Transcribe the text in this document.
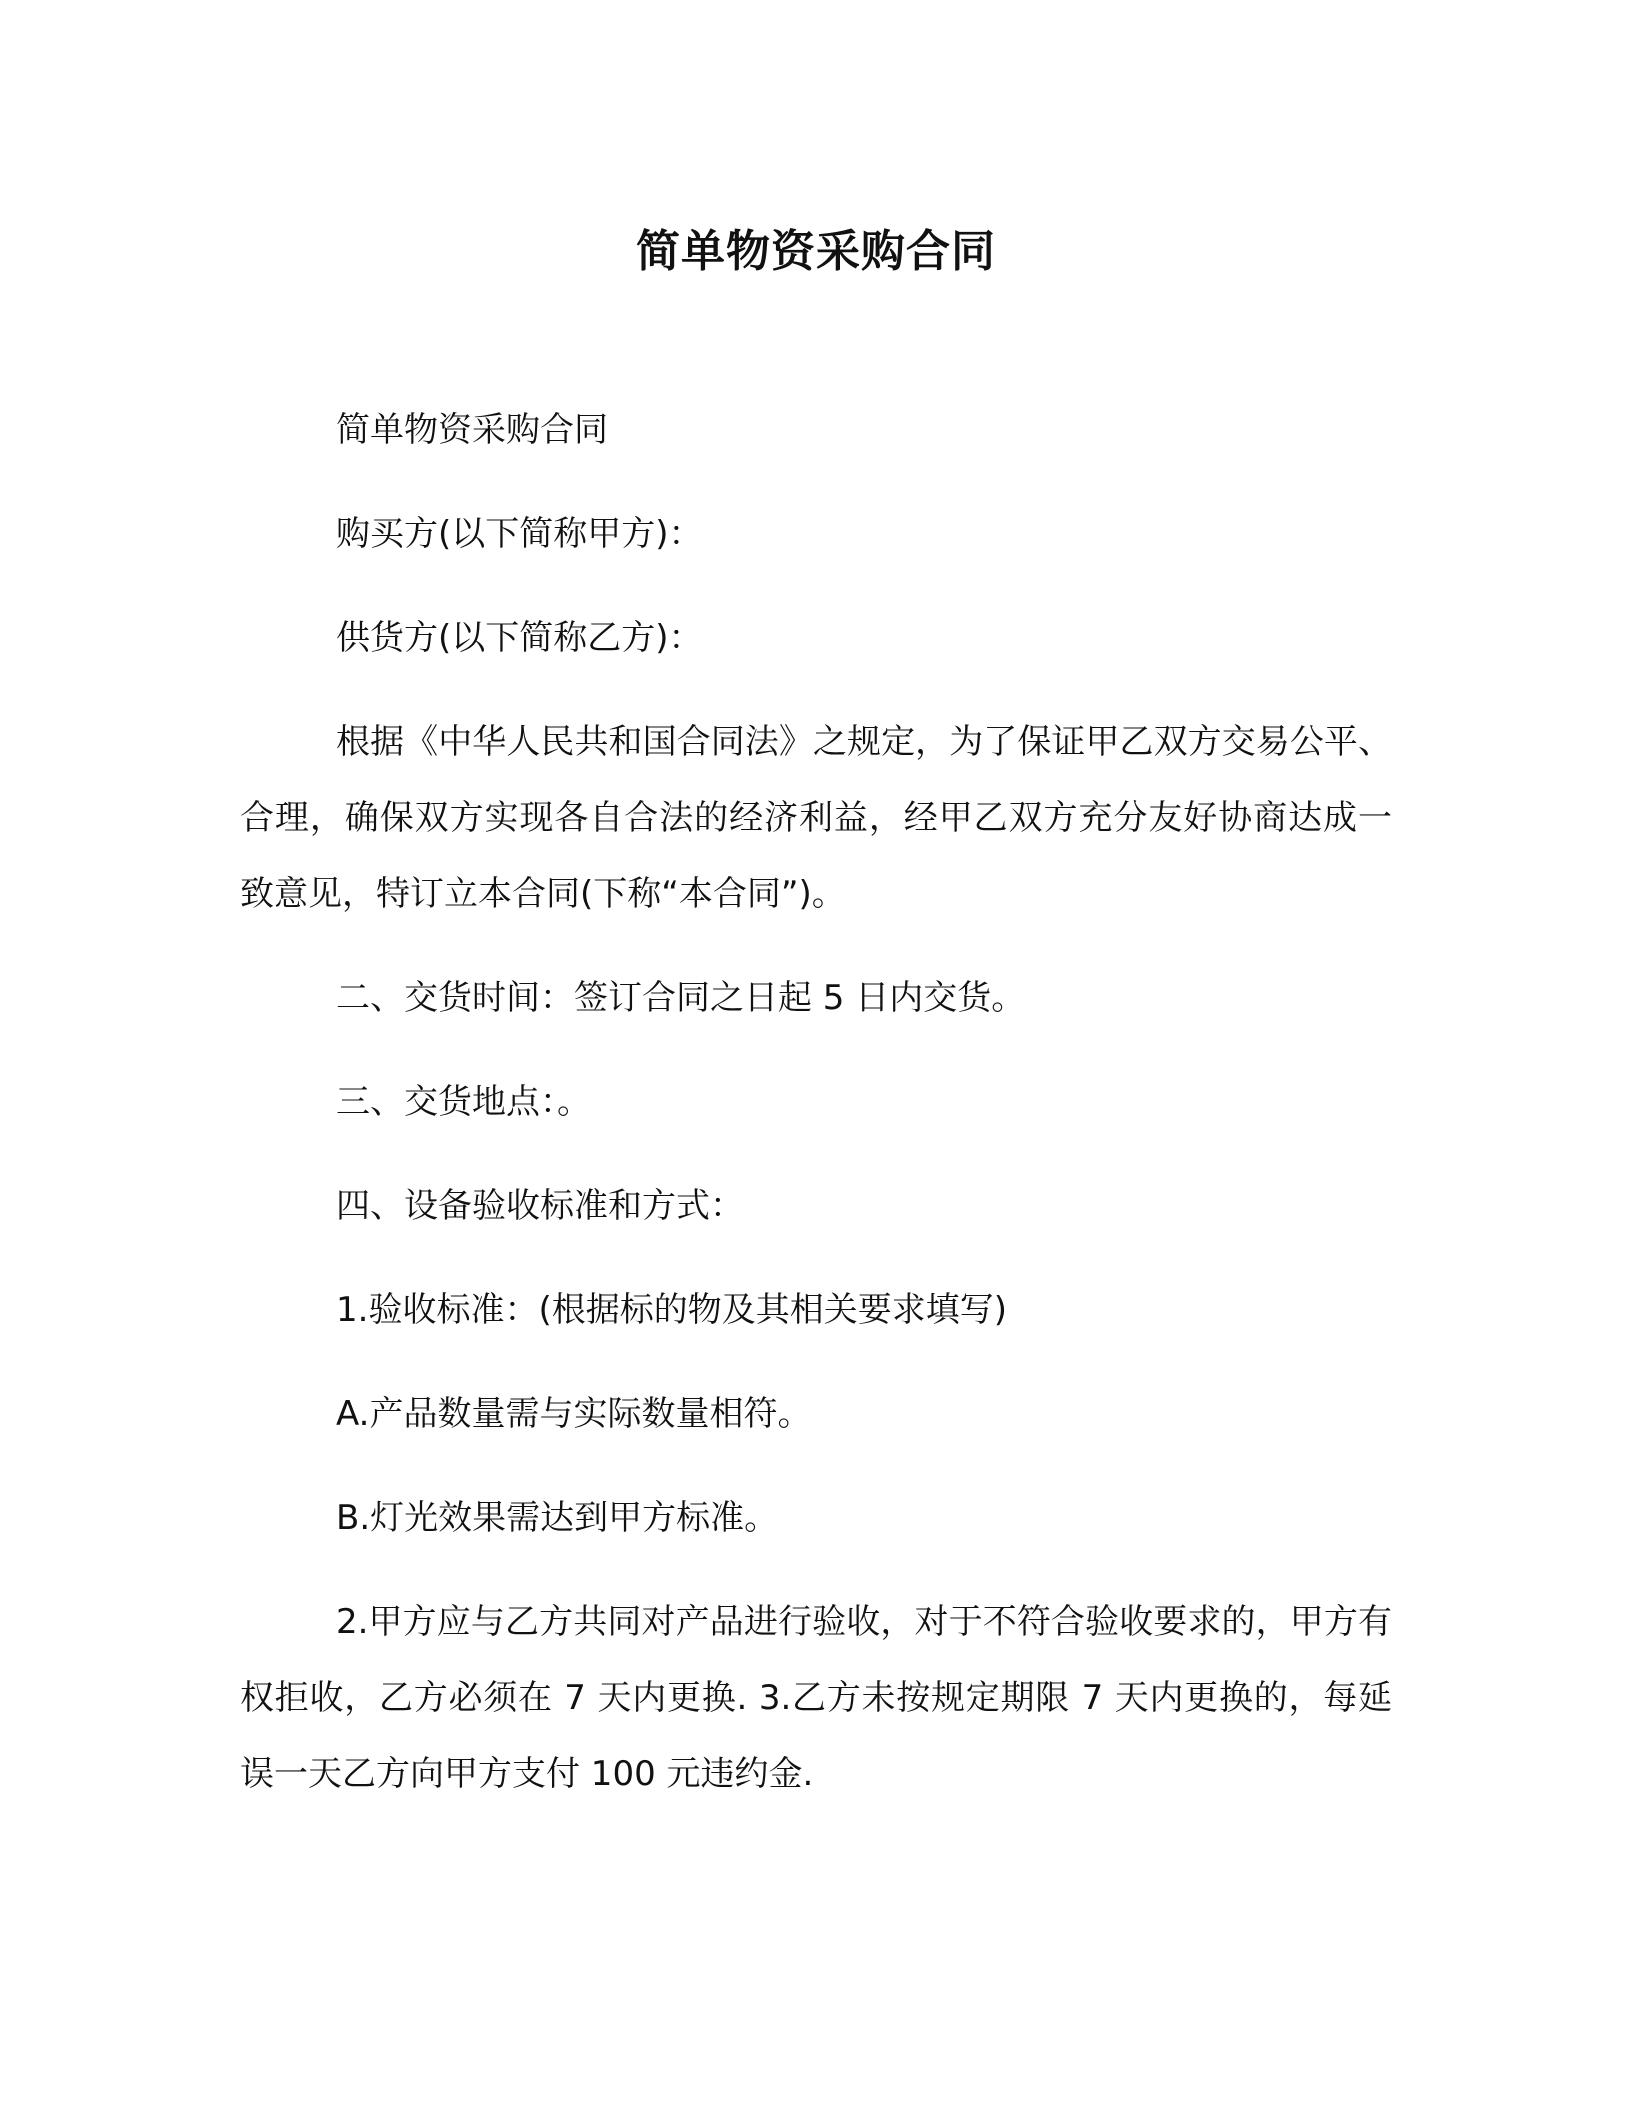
简单物资采购合同

简单物资采购合同

购买方(以下简称甲方)：

供货方(以下简称乙方)：

根据《中华人民共和国合同法》之规定，为了保证甲乙双方交易公平、合理，确保双方实现各自合法的经济利益，经甲乙双方充分友好协商达成一致意见，特订立本合同(下称“本合同”)。

二、交货时间：签订合同之日起 5 日内交货。

三、交货地点：。

四、设备验收标准和方式：

1.验收标准：(根据标的物及其相关要求填写)

A.产品数量需与实际数量相符。

B.灯光效果需达到甲方标准。

2.甲方应与乙方共同对产品进行验收，对于不符合验收要求的，甲方有权拒收，乙方必须在 7 天内更换. 3.乙方未按规定期限 7 天内更换的，每延误一天乙方向甲方支付 100 元违约金.
